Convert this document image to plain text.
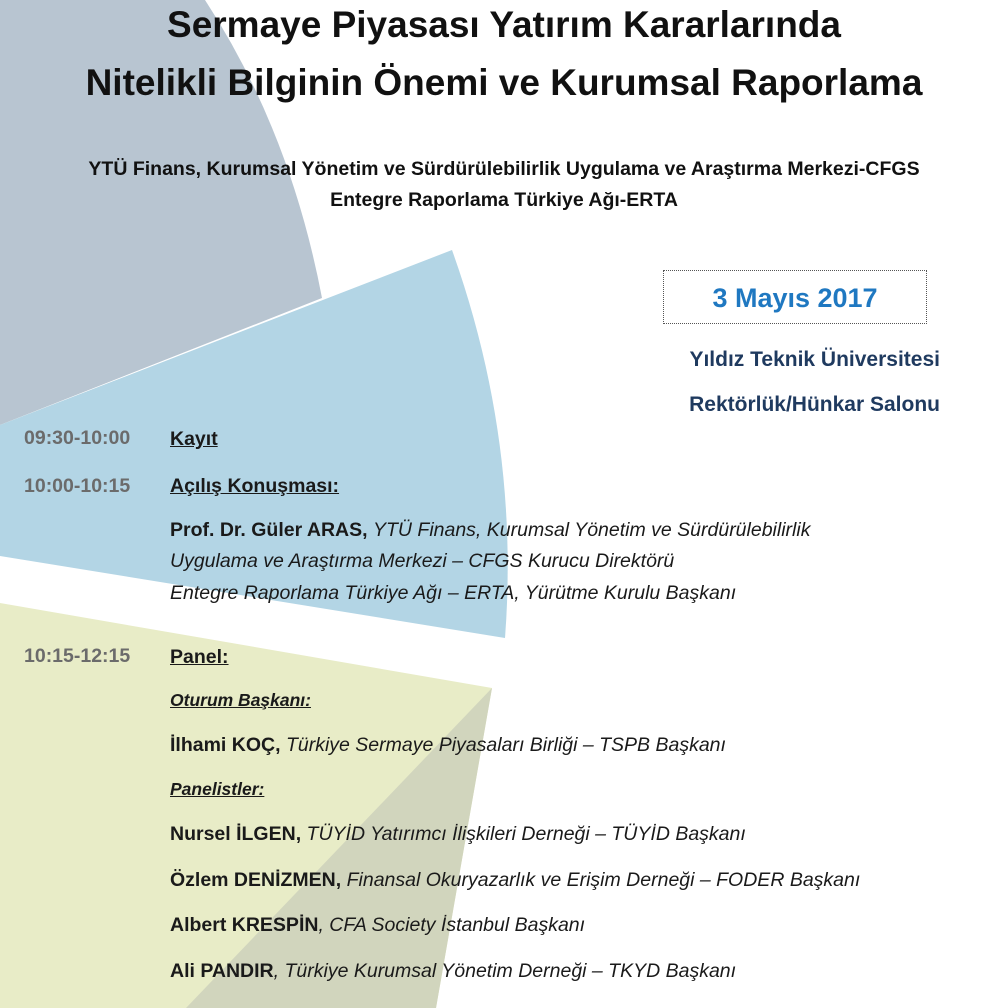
Sermaye Piyasası Yatırım Kararlarında
Nitelikli Bilginin Önemi ve Kurumsal Raporlama
YTÜ Finans, Kurumsal Yönetim ve Sürdürülebilirlik Uygulama ve Araştırma Merkezi-CFGS
Entegre Raporlama Türkiye Ağı-ERTA
3 Mayıs 2017
Yıldız Teknik Üniversitesi
Rektörlük/Hünkar Salonu
09:30-10:00	Kayıt
10:00-10:15	Açılış Konuşması:
Prof. Dr. Güler ARAS, YTÜ Finans, Kurumsal Yönetim ve Sürdürülebilirlik
Uygulama ve Araştırma Merkezi – CFGS Kurucu Direktörü
Entegre Raporlama Türkiye Ağı – ERTA, Yürütme Kurulu Başkanı
10:15-12:15	Panel:
Oturum Başkanı:
İlhami KOÇ, Türkiye Sermaye Piyasaları Birliği – TSPB Başkanı
Panelistler:
Nursel İLGEN, TÜYİD Yatırımcı İlişkileri Derneği – TÜYİD Başkanı
Özlem DENİZMEN, Finansal Okuryazarlık ve Erişim Derneği – FODER Başkanı
Albert KRESPİN, CFA Society İstanbul Başkanı
Ali PANDIR, Türkiye Kurumsal Yönetim Derneği – TKYD Başkanı
